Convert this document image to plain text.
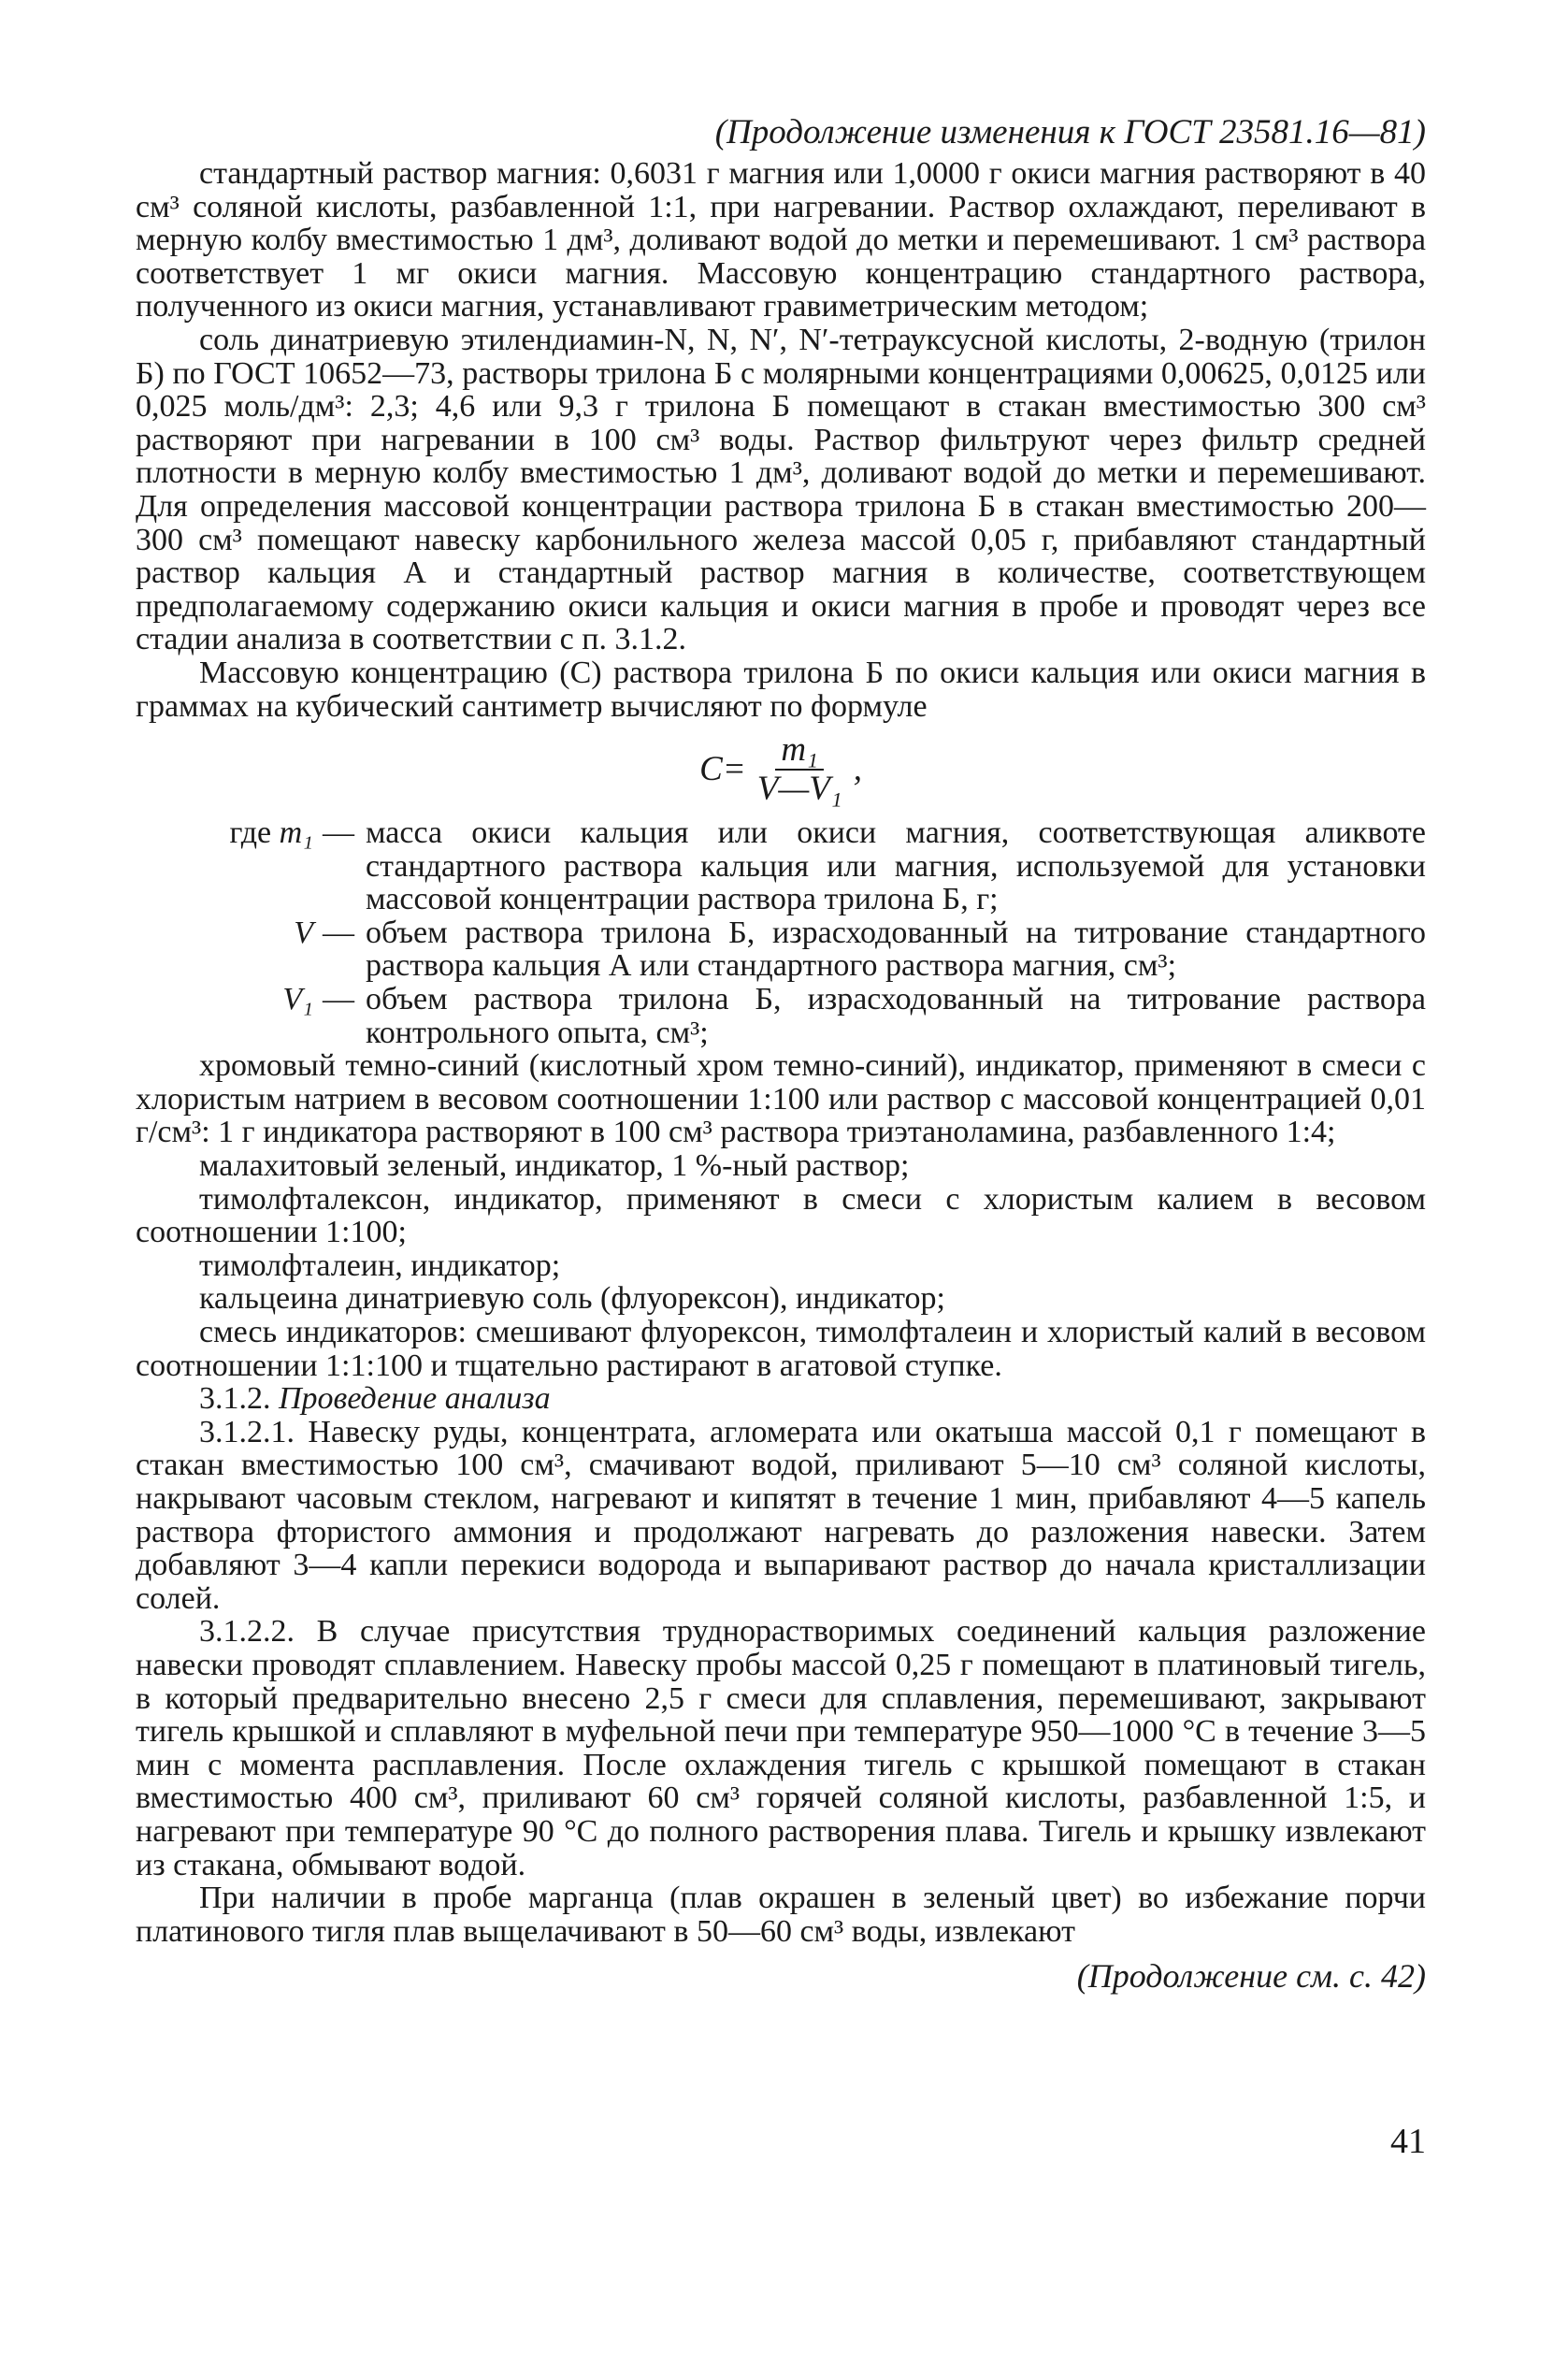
(Продолжение изменения к ГОСТ 23581.16—81)

стандартный раствор магния: 0,6031 г магния или 1,0000 г окиси магния растворяют в 40 см³ соляной кислоты, разбавленной 1:1, при нагревании. Раствор охлаждают, переливают в мерную колбу вместимостью 1 дм³, доливают водой до метки и перемешивают. 1 см³ раствора соответствует 1 мг окиси магния. Массовую концентрацию стандартного раствора, полученного из окиси магния, устанавливают гравиметрическим методом;

соль динатриевую этилендиамин-N, N, N′, N′-тетрауксусной кислоты, 2-водную (трилон Б) по ГОСТ 10652—73, растворы трилона Б с молярными концентрациями 0,00625, 0,0125 или 0,025 моль/дм³: 2,3; 4,6 или 9,3 г трилона Б помещают в стакан вместимостью 300 см³ растворяют при нагревании в 100 см³ воды. Раствор фильтруют через фильтр средней плотности в мерную колбу вместимостью 1 дм³, доливают водой до метки и перемешивают. Для определения массовой концентрации раствора трилона Б в стакан вместимостью 200—300 см³ помещают навеску карбонильного железа массой 0,05 г, прибавляют стандартный раствор кальция А и стандартный раствор магния в количестве, соответствующем предполагаемому содержанию окиси кальция и окиси магния в пробе и проводят через все стадии анализа в соответствии с п. 3.1.2.

Массовую концентрацию (С) раствора трилона Б по окиси кальция или окиси магния в граммах на кубический сантиметр вычисляют по формуле

$C= \frac{\text{m₁}}{\text{V—V₁}}$ ,
где m₁ — масса окиси кальция или окиси магния, соответствующая аликвоте стандартного раствора кальция или магния, используемой для установки массовой концентрации раствора трилона Б, г;
V — объем раствора трилона Б, израсходованный на титрование стандартного раствора кальция А или стандартного раствора магния, см³;
V₁ — объем раствора трилона Б, израсходованный на титрование раствора контрольного опыта, см³;

хромовый темно-синий (кислотный хром темно-синий), индикатор, применяют в смеси с хлористым натрием в весовом соотношении 1:100 или раствор с массовой концентрацией 0,01 г/см³: 1 г индикатора растворяют в 100 см³ раствора триэтаноламина, разбавленного 1:4;

малахитовый зеленый, индикатор, 1 %-ный раствор;

тимолфталексон, индикатор, применяют в смеси с хлористым калием в весовом соотношении 1:100;

тимолфталеин, индикатор;

кальцеина динатриевую соль (флуорексон), индикатор;

смесь индикаторов: смешивают флуорексон, тимолфталеин и хлористый калий в весовом соотношении 1:1:100 и тщательно растирают в агатовой ступке.

3.1.2. Проведение анализа

3.1.2.1. Навеску руды, концентрата, агломерата или окатыша массой 0,1 г помещают в стакан вместимостью 100 см³, смачивают водой, приливают 5—10 см³ соляной кислоты, накрывают часовым стеклом, нагревают и кипятят в течение 1 мин, прибавляют 4—5 капель раствора фтористого аммония и продолжают нагревать до разложения навески. Затем добавляют 3—4 капли перекиси водорода и выпаривают раствор до начала кристаллизации солей.

3.1.2.2. В случае присутствия труднорастворимых соединений кальция разложение навески проводят сплавлением. Навеску пробы массой 0,25 г помещают в платиновый тигель, в который предварительно внесено 2,5 г смеси для сплавления, перемешивают, закрывают тигель крышкой и сплавляют в муфельной печи при температуре 950—1000 °С в течение 3—5 мин с момента расплавления. После охлаждения тигель с крышкой помещают в стакан вместимостью 400 см³, приливают 60 см³ горячей соляной кислоты, разбавленной 1:5, и нагревают при температуре 90 °С до полного растворения плава. Тигель и крышку извлекают из стакана, обмывают водой.

При наличии в пробе марганца (плав окрашен в зеленый цвет) во избежание порчи платинового тигля плав выщелачивают в 50—60 см³ воды, извлекают

(Продолжение см. с. 42)
41
